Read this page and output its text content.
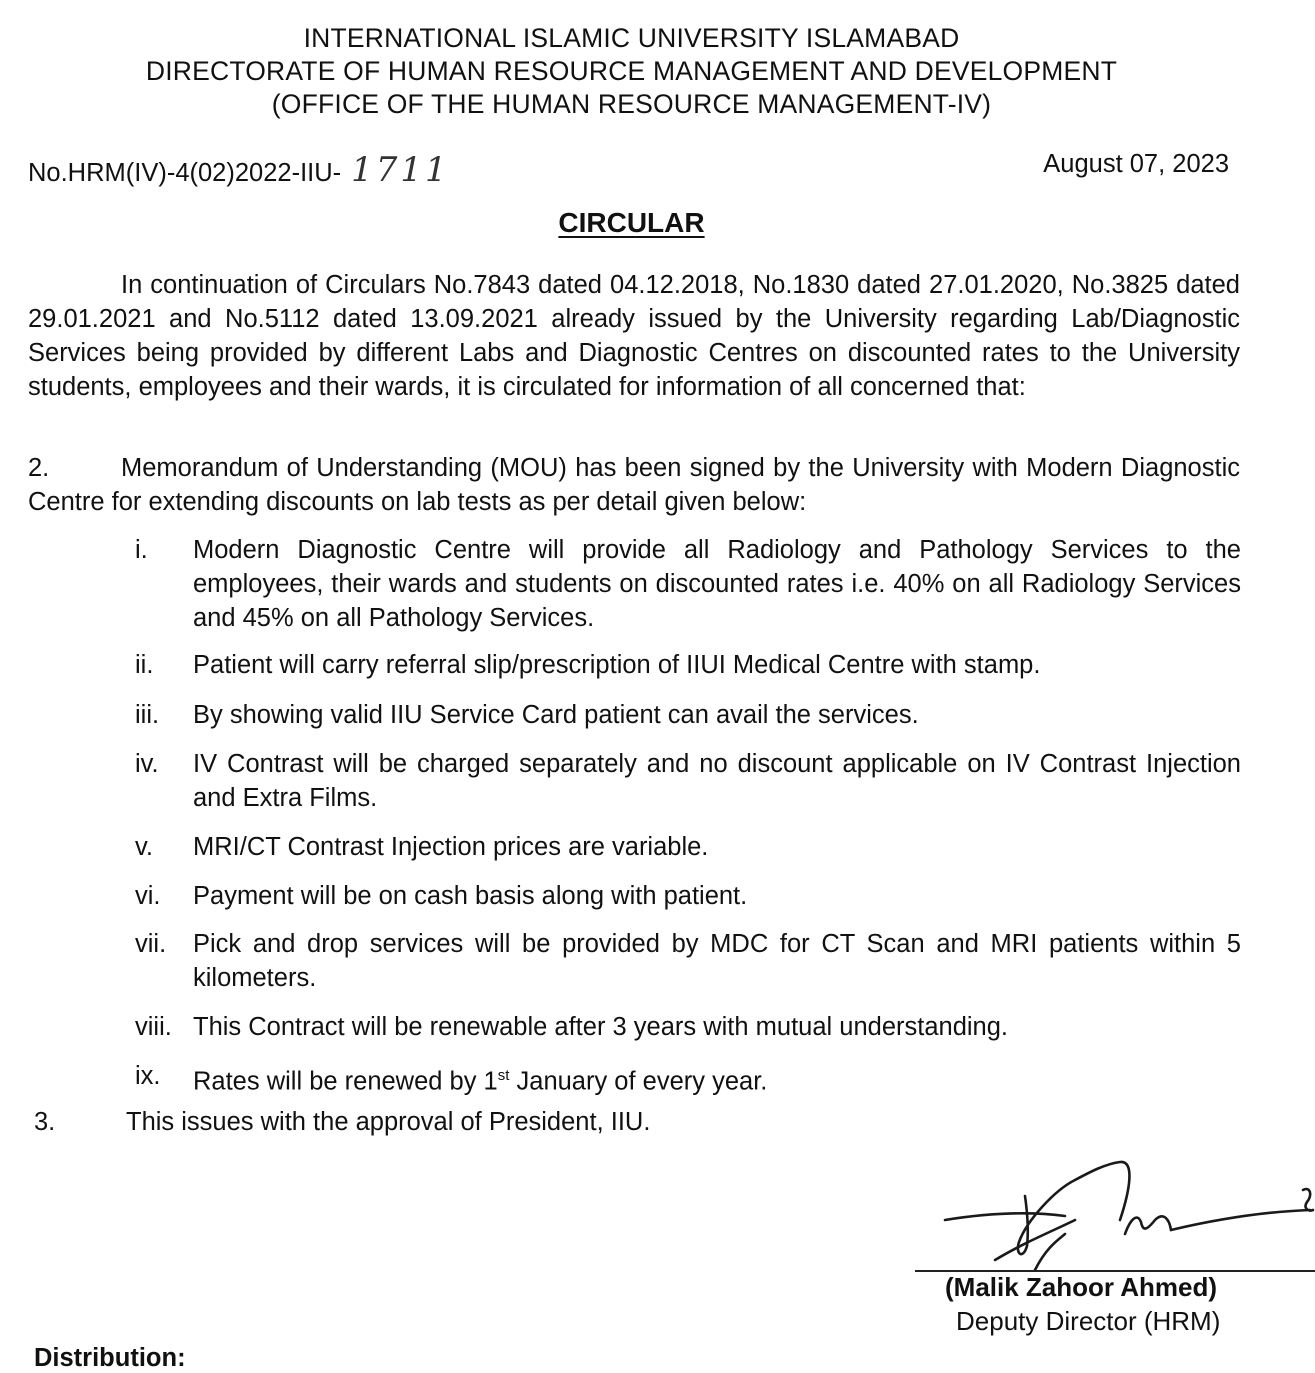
INTERNATIONAL ISLAMIC UNIVERSITY ISLAMABAD
DIRECTORATE OF HUMAN RESOURCE MANAGEMENT AND DEVELOPMENT
(OFFICE OF THE HUMAN RESOURCE MANAGEMENT-IV)
No.HRM(IV)-4(02)2022-IIU- 1711	August 07, 2023
CIRCULAR
In continuation of Circulars No.7843 dated 04.12.2018, No.1830 dated 27.01.2020, No.3825 dated 29.01.2021 and No.5112 dated 13.09.2021 already issued by the University regarding Lab/Diagnostic Services being provided by different Labs and Diagnostic Centres on discounted rates to the University students, employees and their wards, it is circulated for information of all concerned that:
2.	Memorandum of Understanding (MOU) has been signed by the University with Modern Diagnostic Centre for extending discounts on lab tests as per detail given below:
i. Modern Diagnostic Centre will provide all Radiology and Pathology Services to the employees, their wards and students on discounted rates i.e. 40% on all Radiology Services and 45% on all Pathology Services.
ii. Patient will carry referral slip/prescription of IIUI Medical Centre with stamp.
iii. By showing valid IIU Service Card patient can avail the services.
iv. IV Contrast will be charged separately and no discount applicable on IV Contrast Injection and Extra Films.
v. MRI/CT Contrast Injection prices are variable.
vi. Payment will be on cash basis along with patient.
vii. Pick and drop services will be provided by MDC for CT Scan and MRI patients within 5 kilometers.
viii. This Contract will be renewable after 3 years with mutual understanding.
ix. Rates will be renewed by 1st January of every year.
3.	This issues with the approval of President, IIU.
(Malik Zahoor Ahmed)
Deputy Director (HRM)
Distribution:
